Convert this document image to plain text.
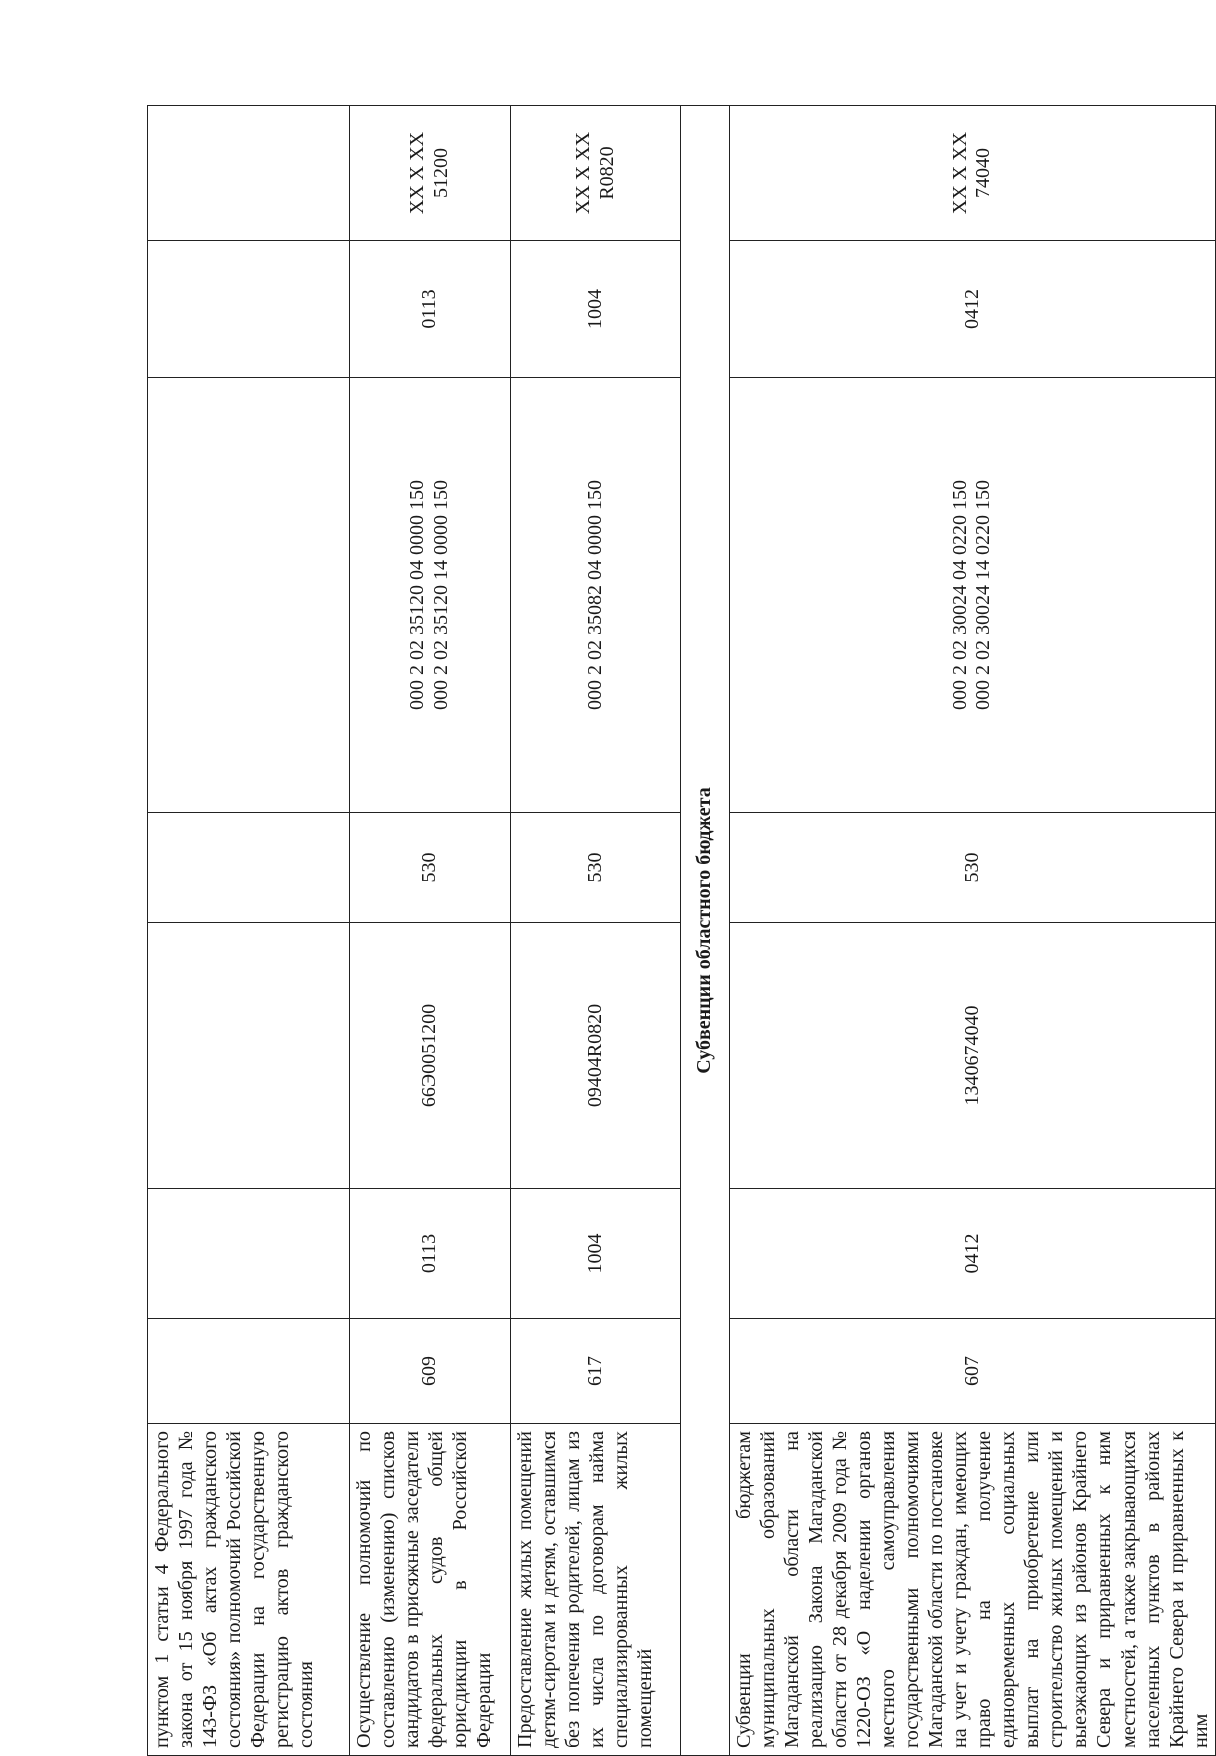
пунктом 1 статьи 4 Федерального закона от 15 ноября 1997 года № 143-ФЗ «Об актах гражданского состояния» полномочий Российской Федерации на государственную регистрацию актов гражданского состояния							
Осуществление полномочий по составлению (изменению) списков кандидатов в присяжные заседатели федеральных судов общей юрисдикции в Российской Федерации	609	0113	66Э0051200	530	000 2 02 35120 04 0000 150 000 2 02 35120 14 0000 150	0113	XX X XX 51200
Предоставление жилых помещений детям-сиротам и детям, оставшимся без попечения родителей, лицам из их числа по договорам найма специализированных жилых помещений	617	1004	09404R0820	530	000 2 02 35082 04 0000 150	1004	XX X XX R0820
Субвенции областного бюджета							
Субвенции бюджетам муниципальных образований Магаданской области на реализацию Закона Магаданской области от 28 декабря 2009 года № 1220-ОЗ «О наделении органов местного самоуправления государственными полномочиями Магаданской области по постановке на учет и учету граждан, имеющих право на получение единовременных социальных выплат на приобретение или строительство жилых помещений и выезжающих из районов Крайнего Севера и приравненных к ним местностей, а также закрывающихся населенных пунктов в районах Крайнего Севера и приравненных к ним	607	0412	1340674040	530	000 2 02 30024 04 0220 150 000 2 02 30024 14 0220 150	0412	XX X XX 74040
